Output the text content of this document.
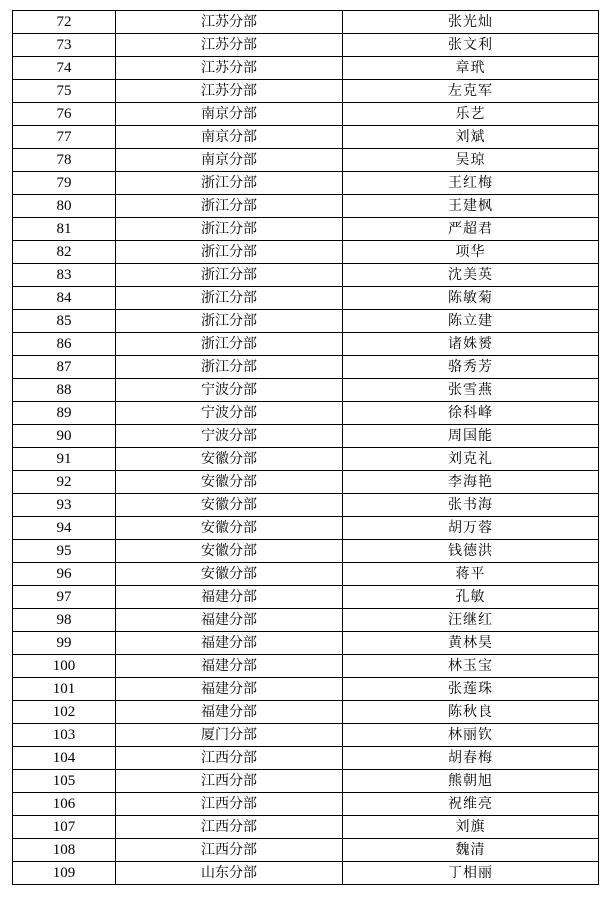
72	江苏分部	张光灿
73	江苏分部	张文利
74	江苏分部	章玳
75	江苏分部	左克军
76	南京分部	乐艺
77	南京分部	刘斌
78	南京分部	吴琼
79	浙江分部	王红梅
80	浙江分部	王建枫
81	浙江分部	严超君
82	浙江分部	项华
83	浙江分部	沈美英
84	浙江分部	陈敏菊
85	浙江分部	陈立建
86	浙江分部	诸姝赟
87	浙江分部	骆秀芳
88	宁波分部	张雪燕
89	宁波分部	徐科峰
90	宁波分部	周国能
91	安徽分部	刘克礼
92	安徽分部	李海艳
93	安徽分部	张书海
94	安徽分部	胡万蓉
95	安徽分部	钱德洪
96	安徽分部	蒋平
97	福建分部	孔敏
98	福建分部	汪继红
99	福建分部	黄林昊
100	福建分部	林玉宝
101	福建分部	张莲珠
102	福建分部	陈秋良
103	厦门分部	林丽钦
104	江西分部	胡春梅
105	江西分部	熊朝旭
106	江西分部	祝维亮
107	江西分部	刘旗
108	江西分部	魏清
109	山东分部	丁相丽
